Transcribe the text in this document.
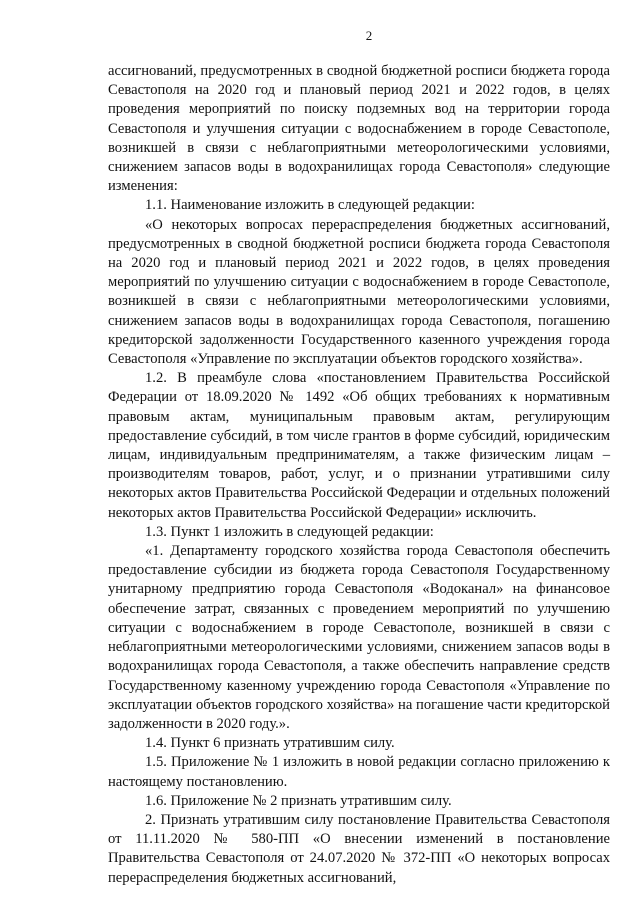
2

ассигнований, предусмотренных в сводной бюджетной росписи бюджета города Севастополя на 2020 год и плановый период 2021 и 2022 годов, в целях проведения мероприятий по поиску подземных вод на территории города Севастополя и улучшения ситуации с водоснабжением в городе Севастополе, возникшей в связи с неблагоприятными метеорологическими условиями, снижением запасов воды в водохранилищах города Севастополя» следующие изменения:

1.1. Наименование изложить в следующей редакции:

«О некоторых вопросах перераспределения бюджетных ассигнований, предусмотренных в сводной бюджетной росписи бюджета города Севастополя на 2020 год и плановый период 2021 и 2022 годов, в целях проведения мероприятий по улучшению ситуации с водоснабжением в городе Севастополе, возникшей в связи с неблагоприятными метеорологическими условиями, снижением запасов воды в водохранилищах города Севастополя, погашению кредиторской задолженности Государственного казенного учреждения города Севастополя «Управление по эксплуатации объектов городского хозяйства».

1.2. В преамбуле слова «постановлением Правительства Российской Федерации от 18.09.2020 № 1492 «Об общих требованиях к нормативным правовым актам, муниципальным правовым актам, регулирующим предоставление субсидий, в том числе грантов в форме субсидий, юридическим лицам, индивидуальным предпринимателям, а также физическим лицам – производителям товаров, работ, услуг, и о признании утратившими силу некоторых актов Правительства Российской Федерации и отдельных положений некоторых актов Правительства Российской Федерации» исключить.

1.3. Пункт 1 изложить в следующей редакции:

«1. Департаменту городского хозяйства города Севастополя обеспечить предоставление субсидии из бюджета города Севастополя Государственному унитарному предприятию города Севастополя «Водоканал» на финансовое обеспечение затрат, связанных с проведением мероприятий по улучшению ситуации с водоснабжением в городе Севастополе, возникшей в связи с неблагоприятными метеорологическими условиями, снижением запасов воды в водохранилищах города Севастополя, а также обеспечить направление средств Государственному казенному учреждению города Севастополя «Управление по эксплуатации объектов городского хозяйства» на погашение части кредиторской задолженности в 2020 году.».

1.4. Пункт 6 признать утратившим силу.

1.5. Приложение № 1 изложить в новой редакции согласно приложению к настоящему постановлению.

1.6. Приложение № 2 признать утратившим силу.

2. Признать утратившим силу постановление Правительства Севастополя от 11.11.2020 № 580-ПП «О внесении изменений в постановление Правительства Севастополя от 24.07.2020 № 372-ПП «О некоторых вопросах перераспределения бюджетных ассигнований,
